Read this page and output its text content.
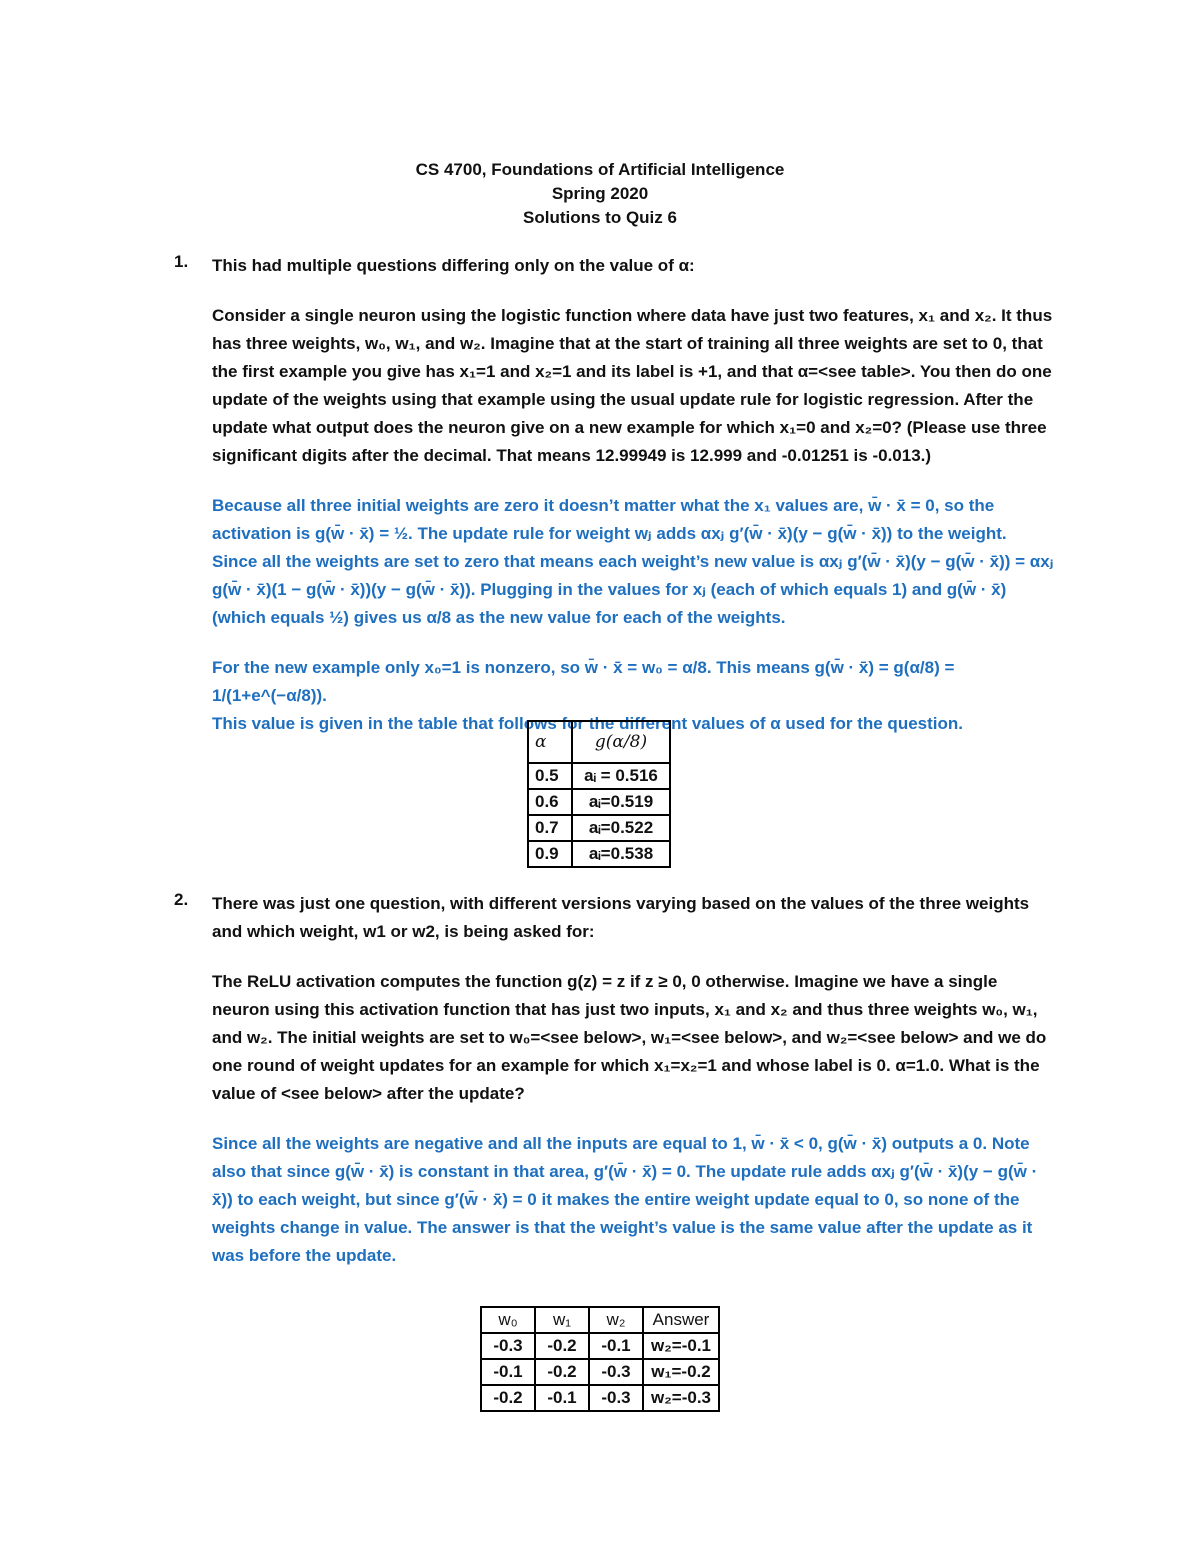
CS 4700, Foundations of Artificial Intelligence
Spring 2020
Solutions to Quiz 6
1. This had multiple questions differing only on the value of α:

Consider a single neuron using the logistic function where data have just two features, x₁ and x₂. It thus has three weights, w₀, w₁, and w₂. Imagine that at the start of training all three weights are set to 0, that the first example you give has x₁=1 and x₂=1 and its label is +1, and that α=<see table>. You then do one update of the weights using that example using the usual update rule for logistic regression. After the update what output does the neuron give on a new example for which x₁=0 and x₂=0? (Please use three significant digits after the decimal. That means 12.99949 is 12.999 and -0.01251 is -0.013.)

Because all three initial weights are zero it doesn’t matter what the x₁ values are, w̄ · x̄ = 0, so the activation is g(w̄ · x̄) = ½. The update rule for weight wⱼ adds αxⱼ g′(w̄ · x̄)(y − g(w̄ · x̄)) to the weight. Since all the weights are set to zero that means each weight’s new value is αxⱼ g′(w̄ · x̄)(y − g(w̄ · x̄)) = αxⱼ g(w̄ · x̄)(1 − g(w̄ · x̄))(y − g(w̄ · x̄)). Plugging in the values for xⱼ (each of which equals 1) and g(w̄ · x̄) (which equals ½) gives us α/8 as the new value for each of the weights.

For the new example only x₀=1 is nonzero, so w̄ · x̄ = w₀ = α/8. This means g(w̄ · x̄) = g(α/8) = 1/(1+e^(−α/8)).

This value is given in the table that follows for the different values of α used for the question.

α	g(α/8)
0.5	aᵢ = 0.516
0.6	aᵢ=0.519
0.7	aᵢ=0.522
0.9	aᵢ=0.538
2. There was just one question, with different versions varying based on the values of the three weights and which weight, w1 or w2, is being asked for:

The ReLU activation computes the function g(z) = z if z ≥ 0, 0 otherwise. Imagine we have a single neuron using this activation function that has just two inputs, x₁ and x₂ and thus three weights w₀, w₁, and w₂. The initial weights are set to w₀=<see below>, w₁=<see below>, and w₂=<see below> and we do one round of weight updates for an example for which x₁=x₂=1 and whose label is 0. α=1.0. What is the value of <see below> after the update?

Since all the weights are negative and all the inputs are equal to 1, w̄ · x̄ < 0, g(w̄ · x̄) outputs a 0. Note also that since g(w̄ · x̄) is constant in that area, g′(w̄ · x̄) = 0. The update rule adds αxⱼ g′(w̄ · x̄)(y − g(w̄ · x̄)) to each weight, but since g′(w̄ · x̄) = 0 it makes the entire weight update equal to 0, so none of the weights change in value. The answer is that the weight’s value is the same value after the update as it was before the update.

w₀	w₁	w₂	Answer
-0.3	-0.2	-0.1	w₂=-0.1
-0.1	-0.2	-0.3	w₁=-0.2
-0.2	-0.1	-0.3	w₂=-0.3
